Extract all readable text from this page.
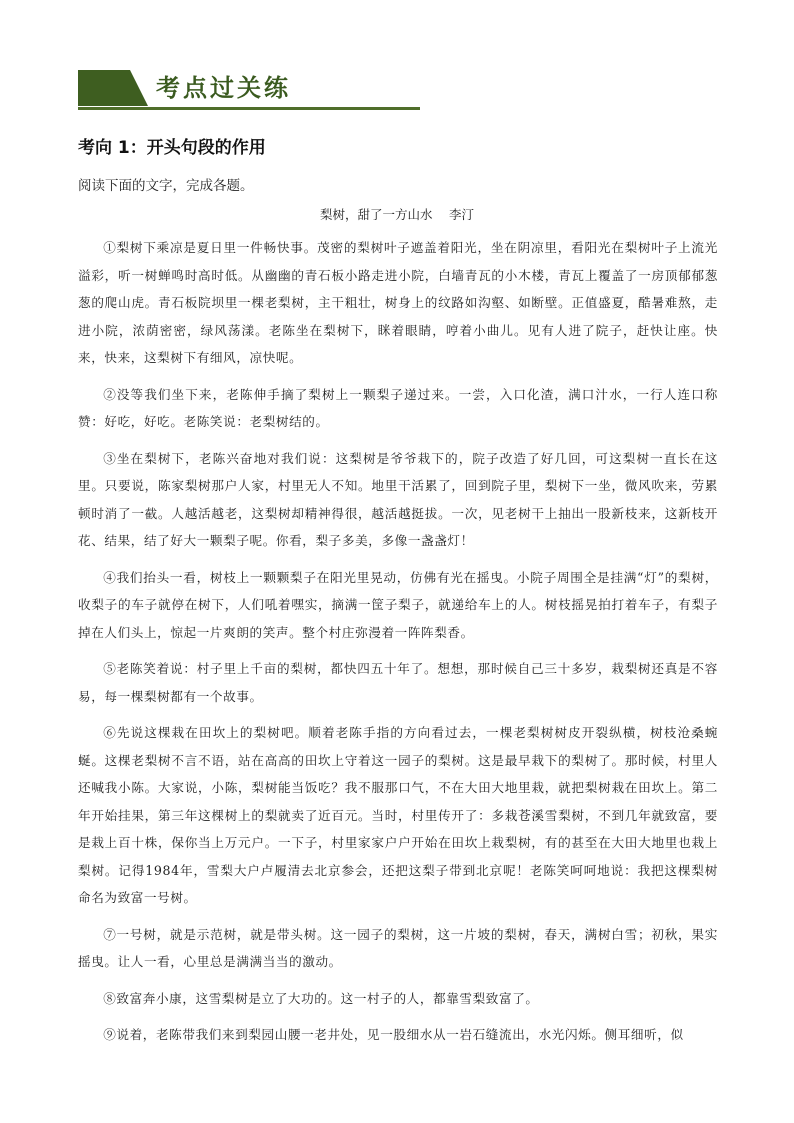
考点过关练
考向 1：开头句段的作用
阅读下面的文字，完成各题。
梨树，甜了一方山水　 李汀

①梨树下乘凉是夏日里一件畅快事。茂密的梨树叶子遮盖着阳光，坐在阴凉里，看阳光在梨树叶子上流光溢彩，听一树蝉鸣时高时低。从幽幽的青石板小路走进小院，白墙青瓦的小木楼，青瓦上覆盖了一房顶郁郁葱葱的爬山虎。青石板院坝里一棵老梨树，主干粗壮，树身上的纹路如沟壑、如断壁。正值盛夏，酷暑难熬，走进小院，浓荫密密，绿风荡漾。老陈坐在梨树下，眯着眼睛，哼着小曲儿。见有人进了院子，赶快让座。快来，快来，这梨树下有细风，凉快呢。

②没等我们坐下来，老陈伸手摘了梨树上一颗梨子递过来。一尝，入口化渣，满口汁水，一行人连口称赞：好吃，好吃。老陈笑说：老梨树结的。

③坐在梨树下，老陈兴奋地对我们说：这梨树是爷爷栽下的，院子改造了好几回，可这梨树一直长在这里。只要说，陈家梨树那户人家，村里无人不知。地里干活累了，回到院子里，梨树下一坐，微风吹来，劳累顿时消了一截。人越活越老，这梨树却精神得很，越活越挺拔。一次，见老树干上抽出一股新枝来，这新枝开花、结果，结了好大一颗梨子呢。你看，梨子多美，多像一盏盏灯！

④我们抬头一看，树枝上一颗颗梨子在阳光里晃动，仿佛有光在摇曳。小院子周围全是挂满“灯”的梨树，收梨子的车子就停在树下，人们吼着嘿实，摘满一筐子梨子，就递给车上的人。树枝摇晃拍打着车子，有梨子掉在人们头上，惊起一片爽朗的笑声。整个村庄弥漫着一阵阵梨香。

⑤老陈笑着说：村子里上千亩的梨树，都快四五十年了。想想，那时候自己三十多岁，栽梨树还真是不容易，每一棵梨树都有一个故事。

⑥先说这棵栽在田坎上的梨树吧。顺着老陈手指的方向看过去，一棵老梨树树皮开裂纵横，树枝沧桑蜿蜒。这棵老梨树不言不语，站在高高的田坎上守着这一园子的梨树。这是最早栽下的梨树了。那时候，村里人还喊我小陈。大家说，小陈，梨树能当饭吃？我不服那口气，不在大田大地里栽，就把梨树栽在田坎上。第二年开始挂果，第三年这棵树上的梨就卖了近百元。当时，村里传开了：多栽苍溪雪梨树，不到几年就致富，要是栽上百十株，保你当上万元户。一下子，村里家家户户开始在田坎上栽梨树，有的甚至在大田大地里也栽上梨树。记得1984年，雪梨大户卢履清去北京参会，还把这梨子带到北京呢！老陈笑呵呵地说：我把这棵梨树命名为致富一号树。

⑦一号树，就是示范树，就是带头树。这一园子的梨树，这一片坡的梨树，春天，满树白雪；初秋，果实摇曳。让人一看，心里总是满满当当的激动。

⑧致富奔小康，这雪梨树是立了大功的。这一村子的人，都靠雪梨致富了。

⑨说着，老陈带我们来到梨园山腰一老井处，见一股细水从一岩石缝流出，水光闪烁。侧耳细听，似
